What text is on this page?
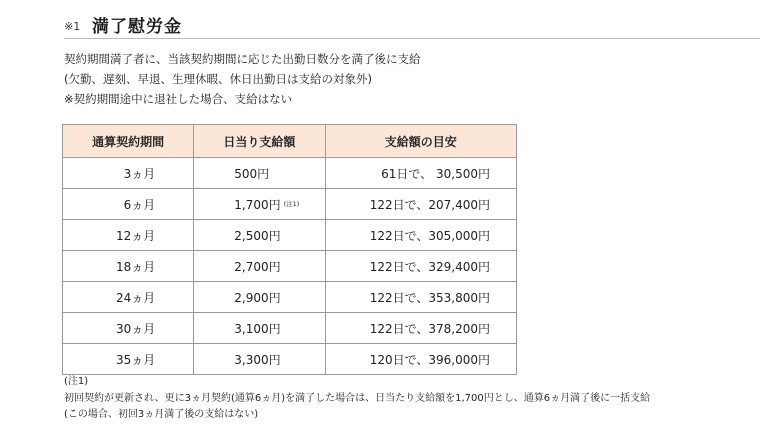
※1 満了慰労金
契約期間満了者に、当該契約期間に応じた出勤日数分を満了後に支給
(欠勤、遅刻、早退、生理休暇、休日出勤日は支給の対象外)
※契約期間途中に退社した場合、支給はない
通算契約期間	日当り支給額	支給額の目安
3ヵ月	500円	61日で、 30,500円
6ヵ月	1,700円 $^{(注1)}$	122日で、207,400円
12ヵ月	2,500円	122日で、305,000円
18ヵ月	2,700円	122日で、329,400円
24ヵ月	2,900円	122日で、353,800円
30ヵ月	3,100円	122日で、378,200円
35ヵ月	3,300円	120日で、396,000円
(注1)
初回契約が更新され、更に3ヵ月契約(通算6ヵ月)を満了した場合は、日当たり支給額を1,700円とし、通算6ヵ月満了後に一括支給
(この場合、初回3ヵ月満了後の支給はない)
